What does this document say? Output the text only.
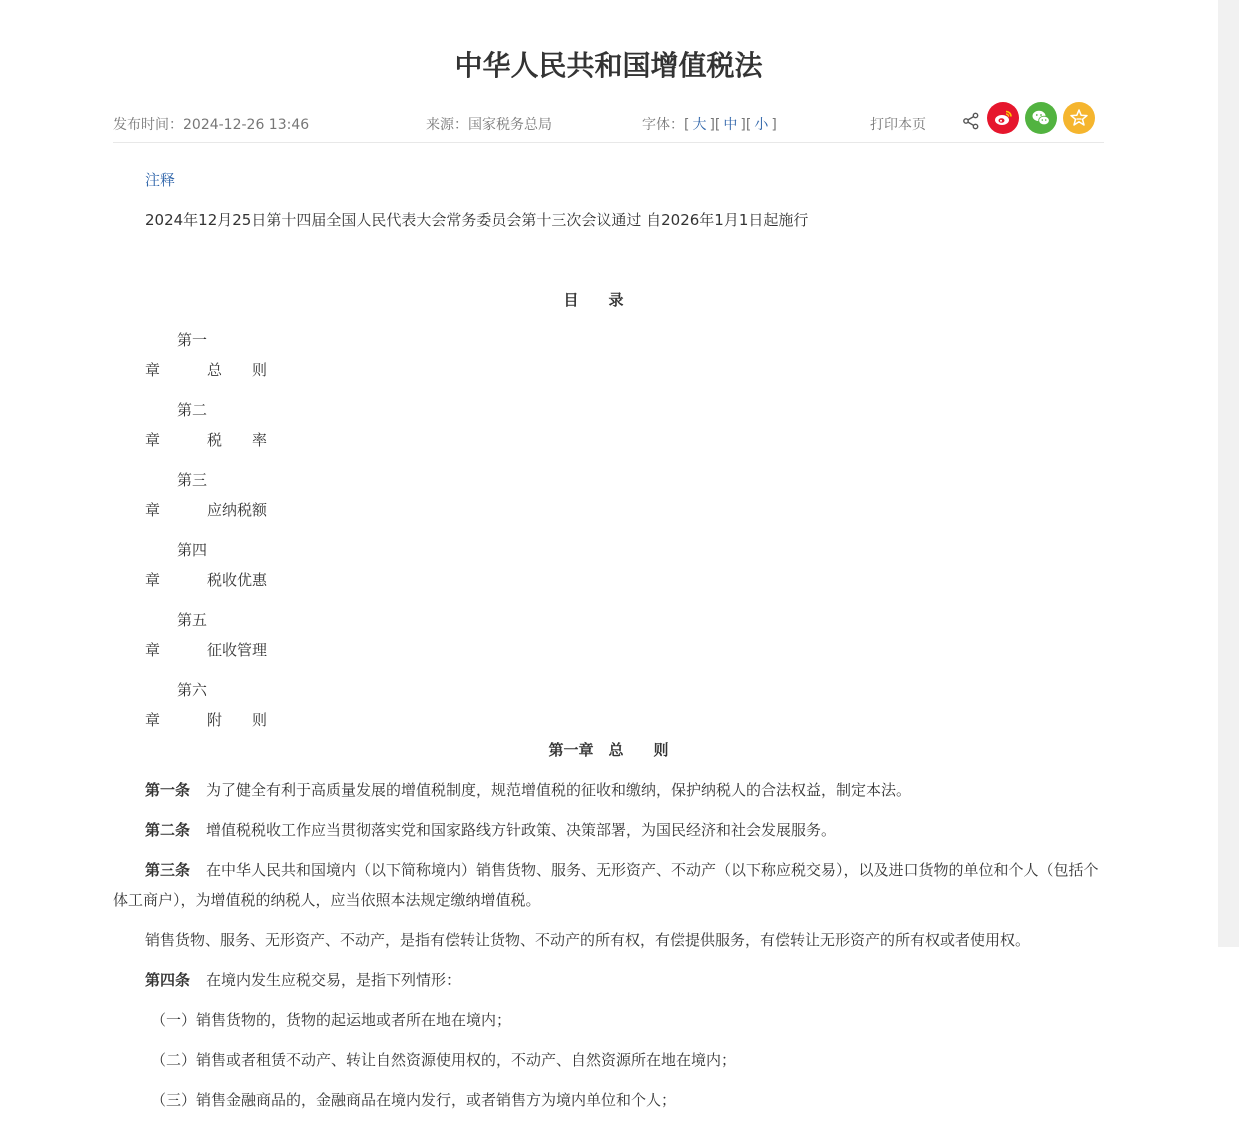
中华人民共和国增值税法
发布时间：2024-12-26 13:46	来源：国家税务总局	字体：[ 大 ][ 中 ][ 小 ]	打印本页

注释

2024年12月25日第十四届全国人民代表大会常务委员会第十三次会议通过 自2026年1月1日起施行

目　　录

第一章	总　　则

第二章	税　　率

第三章	应纳税额

第四章	税收优惠

第五章	征收管理

第六章	附　　则

第一章　总　　则

第一条 为了健全有利于高质量发展的增值税制度，规范增值税的征收和缴纳，保护纳税人的合法权益，制定本法。

第二条 增值税税收工作应当贯彻落实党和国家路线方针政策、决策部署，为国民经济和社会发展服务。

第三条 在中华人民共和国境内（以下简称境内）销售货物、服务、无形资产、不动产（以下称应税交易），以及进口货物的单位和个人（包括个体工商户），为增值税的纳税人，应当依照本法规定缴纳增值税。

销售货物、服务、无形资产、不动产，是指有偿转让货物、不动产的所有权，有偿提供服务，有偿转让无形资产的所有权或者使用权。

第四条 在境内发生应税交易，是指下列情形：

（一）销售货物的，货物的起运地或者所在地在境内；

（二）销售或者租赁不动产、转让自然资源使用权的，不动产、自然资源所在地在境内；

（三）销售金融商品的，金融商品在境内发行，或者销售方为境内单位和个人；
